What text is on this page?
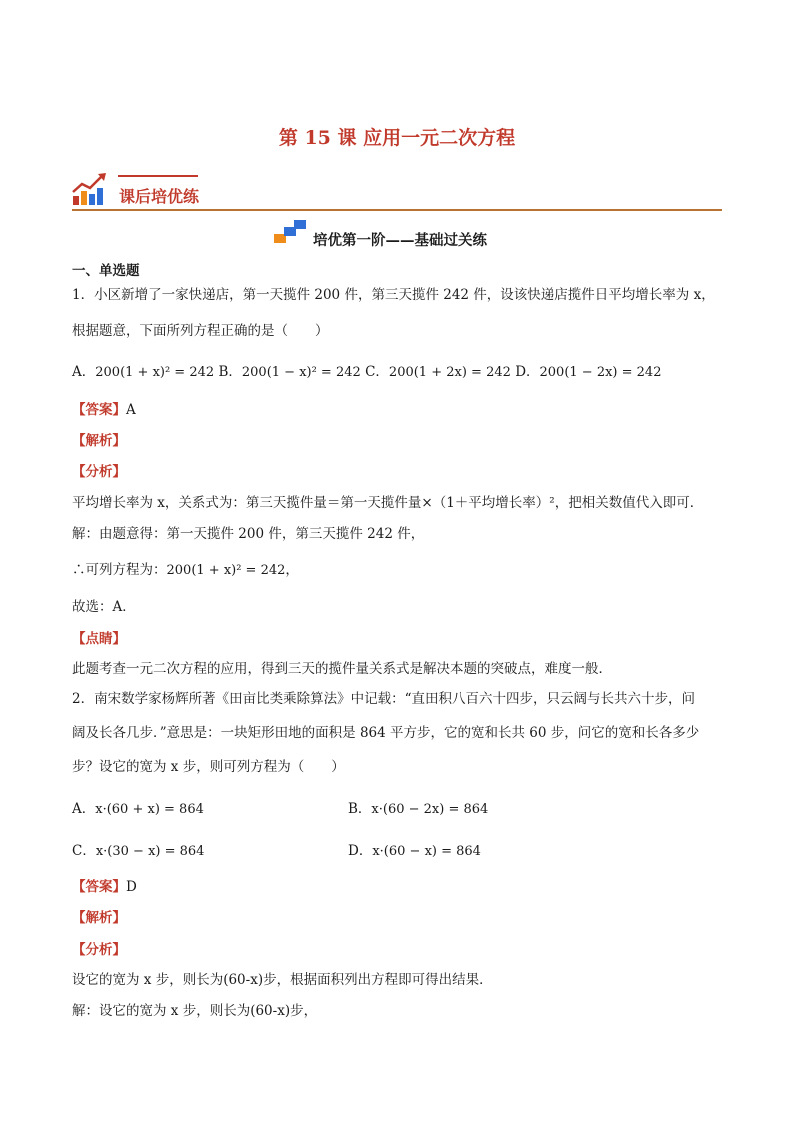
第 15 课 应用一元二次方程
课后培优练
培优第一阶——基础过关练
一、单选题
1．小区新增了一家快递店，第一天揽件 200 件，第三天揽件 242 件，设该快递店揽件日平均增长率为 x，
根据题意，下面所列方程正确的是（　　）
A．200(1 + x)² = 242 B．200(1 − x)² = 242 C．200(1 + 2x) = 242 D．200(1 − 2x) = 242
【答案】A
【解析】
【分析】
平均增长率为 x，关系式为：第三天揽件量＝第一天揽件量×（1＋平均增长率）²，把相关数值代入即可．
解：由题意得：第一天揽件 200 件，第三天揽件 242 件，
∴可列方程为：200(1 + x)² = 242，
故选：A．
【点睛】
此题考查一元二次方程的应用，得到三天的揽件量关系式是解决本题的突破点，难度一般．
2．南宋数学家杨辉所著《田亩比类乘除算法》中记载：“直田积八百六十四步，只云阔与长共六十步，问
阔及长各几步．”意思是：一块矩形田地的面积是 864 平方步，它的宽和长共 60 步，问它的宽和长各多少
步？设它的宽为 x 步，则可列方程为（　　）
A．x·(60 + x) = 864	B．x·(60 − 2x) = 864
C．x·(30 − x) = 864	D．x·(60 − x) = 864
【答案】D
【解析】
【分析】
设它的宽为 x 步，则长为(60-x)步，根据面积列出方程即可得出结果．
解：设它的宽为 x 步，则长为(60-x)步，
